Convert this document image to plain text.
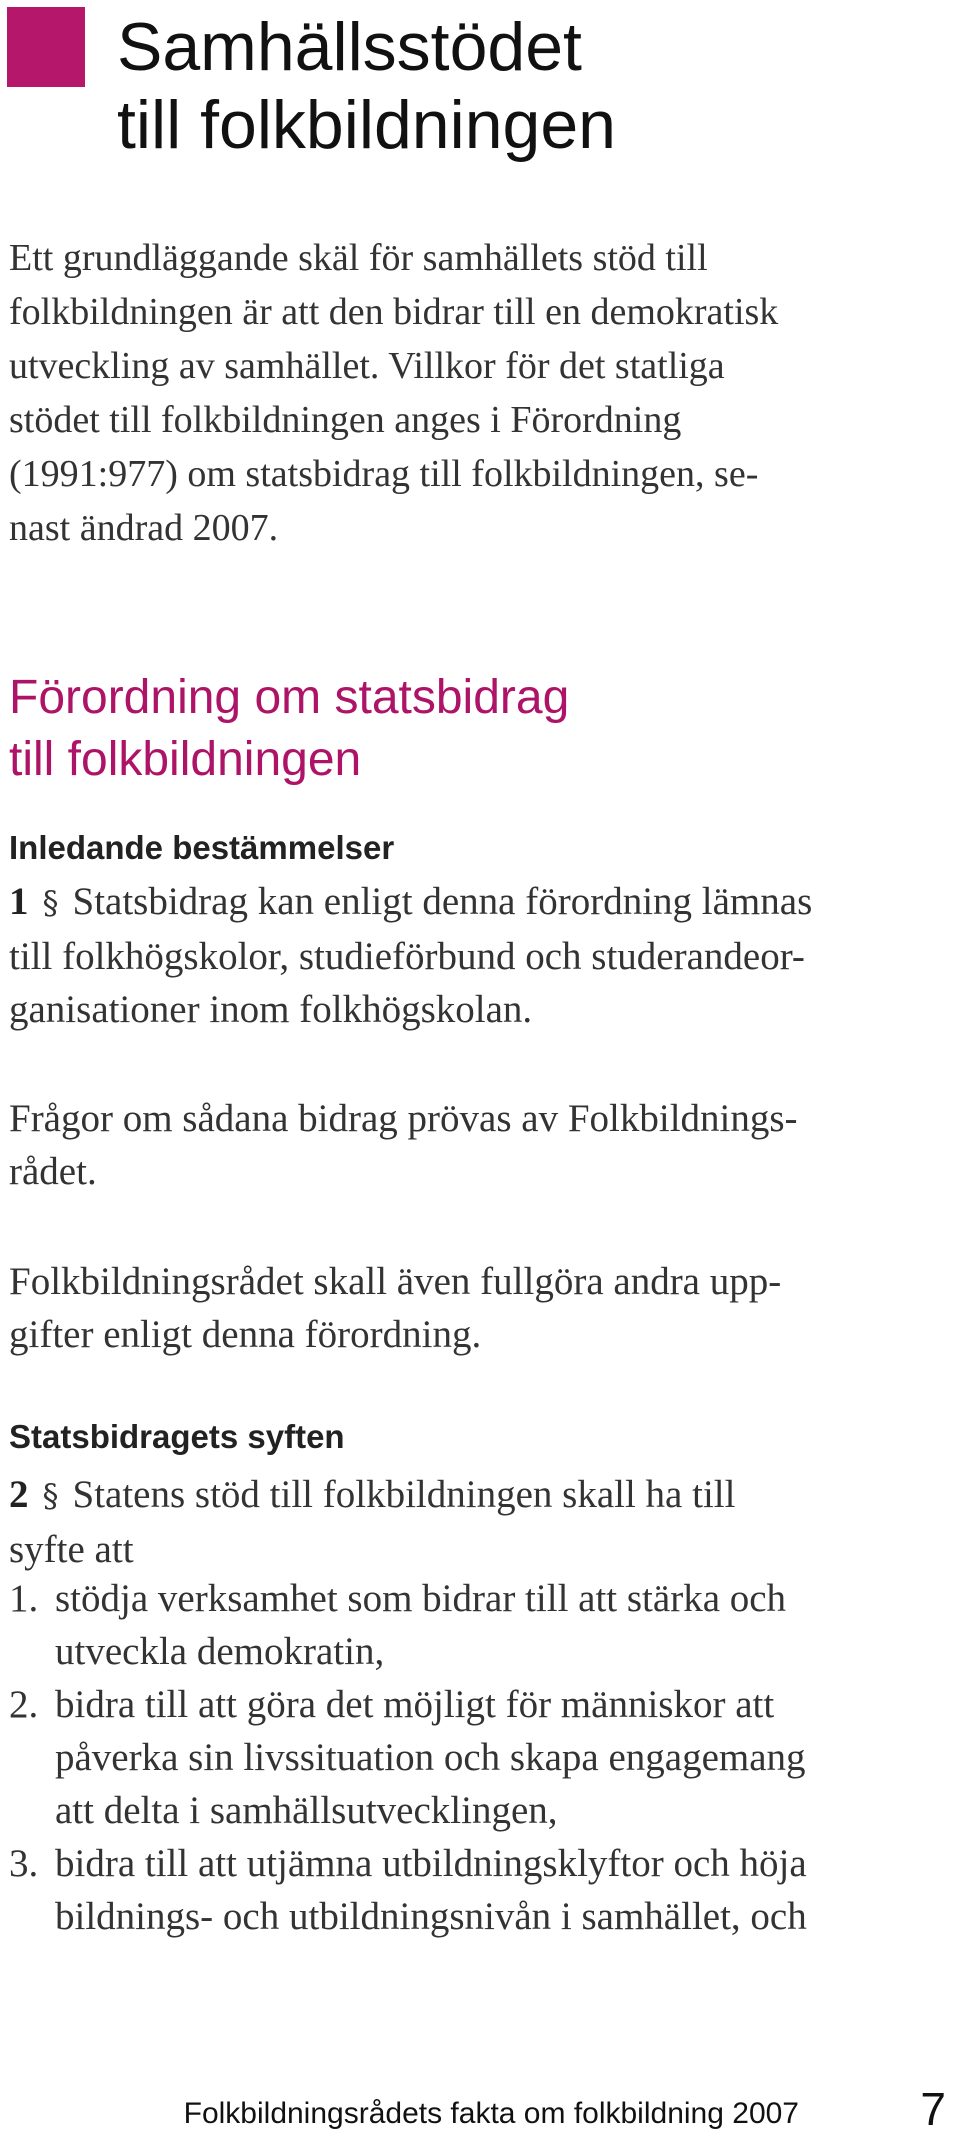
Samhällsstödet
till folkbildningen

Ett grundläggande skäl för samhällets stöd till
folkbildningen är att den bidrar till en demokratisk
utveckling av samhället. Villkor för det statliga
stödet till folkbildningen anges i Förordning
(1991:977) om statsbidrag till folkbildningen, se-
nast ändrad 2007.

Förordning om statsbidrag
till folkbildningen
Inledande bestämmelser

1 § Statsbidrag kan enligt denna förordning lämnas
till folkhögskolor, studieförbund och studerandeor-
ganisationer inom folkhögskolan.

Frågor om sådana bidrag prövas av Folkbildnings-
rådet.

Folkbildningsrådet skall även fullgöra andra upp-
gifter enligt denna förordning.

Statsbidragets syften

2 § Statens stöd till folkbildningen skall ha till
syfte att

1. stödja verksamhet som bidrar till att stärka och
utveckla demokratin,
2. bidra till att göra det möjligt för människor att
påverka sin livssituation och skapa engagemang
att delta i samhällsutvecklingen,
3. bidra till att utjämna utbildningsklyftor och höja
bildnings- och utbildningsnivån i samhället, och
Folkbildningsrådets fakta om folkbildning 2007	7
